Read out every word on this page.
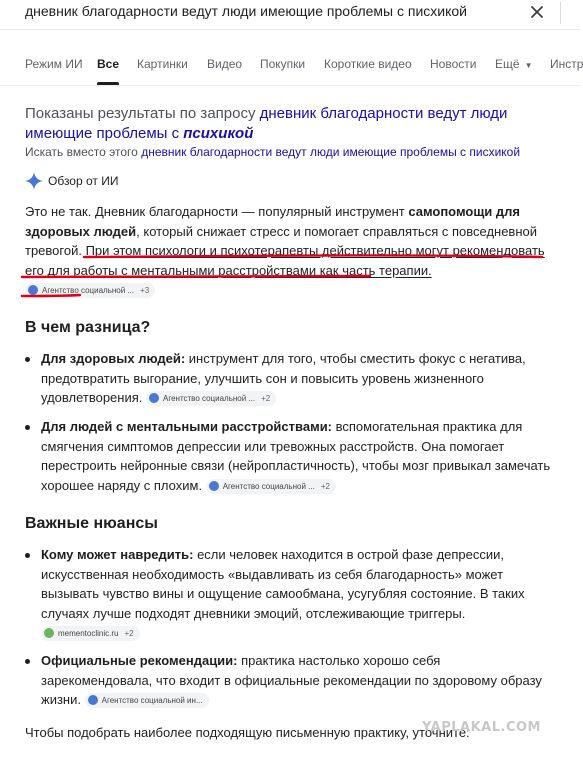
дневник благодарности ведут люди имеющие проблемы с писхикой
Режим ИИ Все Картинки Видео Покупки Короткие видео Новости Ещё ▼ Инстр
Показаны результаты по запросу дневник благодарности ведут люди имеющие проблемы с психикой
Искать вместо этого дневник благодарности ведут люди имеющие проблемы с писхикой
Обзор от ИИ
Это не так. Дневник благодарности — популярный инструмент самопомощи для здоровых людей, который снижает стресс и помогает справляться с повседневной тревогой. При этом психологи и психотерапевты действительно могут рекомендовать его для работы с ментальными расстройствами как часть терапии. Агентство социальной ... +3
В чем разница?
Для здоровых людей: инструмент для того, чтобы сместить фокус с негатива, предотвратить выгорание, улучшить сон и повысить уровень жизненного удовлетворения.	Агентство социальной ... +2
Для людей с ментальными расстройствами: вспомогательная практика для смягчения симптомов депрессии или тревожных расстройств. Она помогает перестроить нейронные связи (нейропластичность), чтобы мозг привыкал замечать хорошее наряду с плохим.	Агентство социальной ... +2
Важные нюансы
Кому может навредить: если человек находится в острой фазе депрессии, искусственная необходимость «выдавливать из себя благодарность» может вызывать чувство вины и ощущение самообмана, усугубляя состояние. В таких случаях лучше подходят дневники эмоций, отслеживающие триггеры. mementoclinic.ru +2
Официальные рекомендации: практика настолько хорошо себя зарекомендовала, что входит в официальные рекомендации по здоровому образу жизни.	Агентство социальной ин...
Чтобы подобрать наиболее подходящую письменную практику, уточните:
YAPLAKAL.COM
